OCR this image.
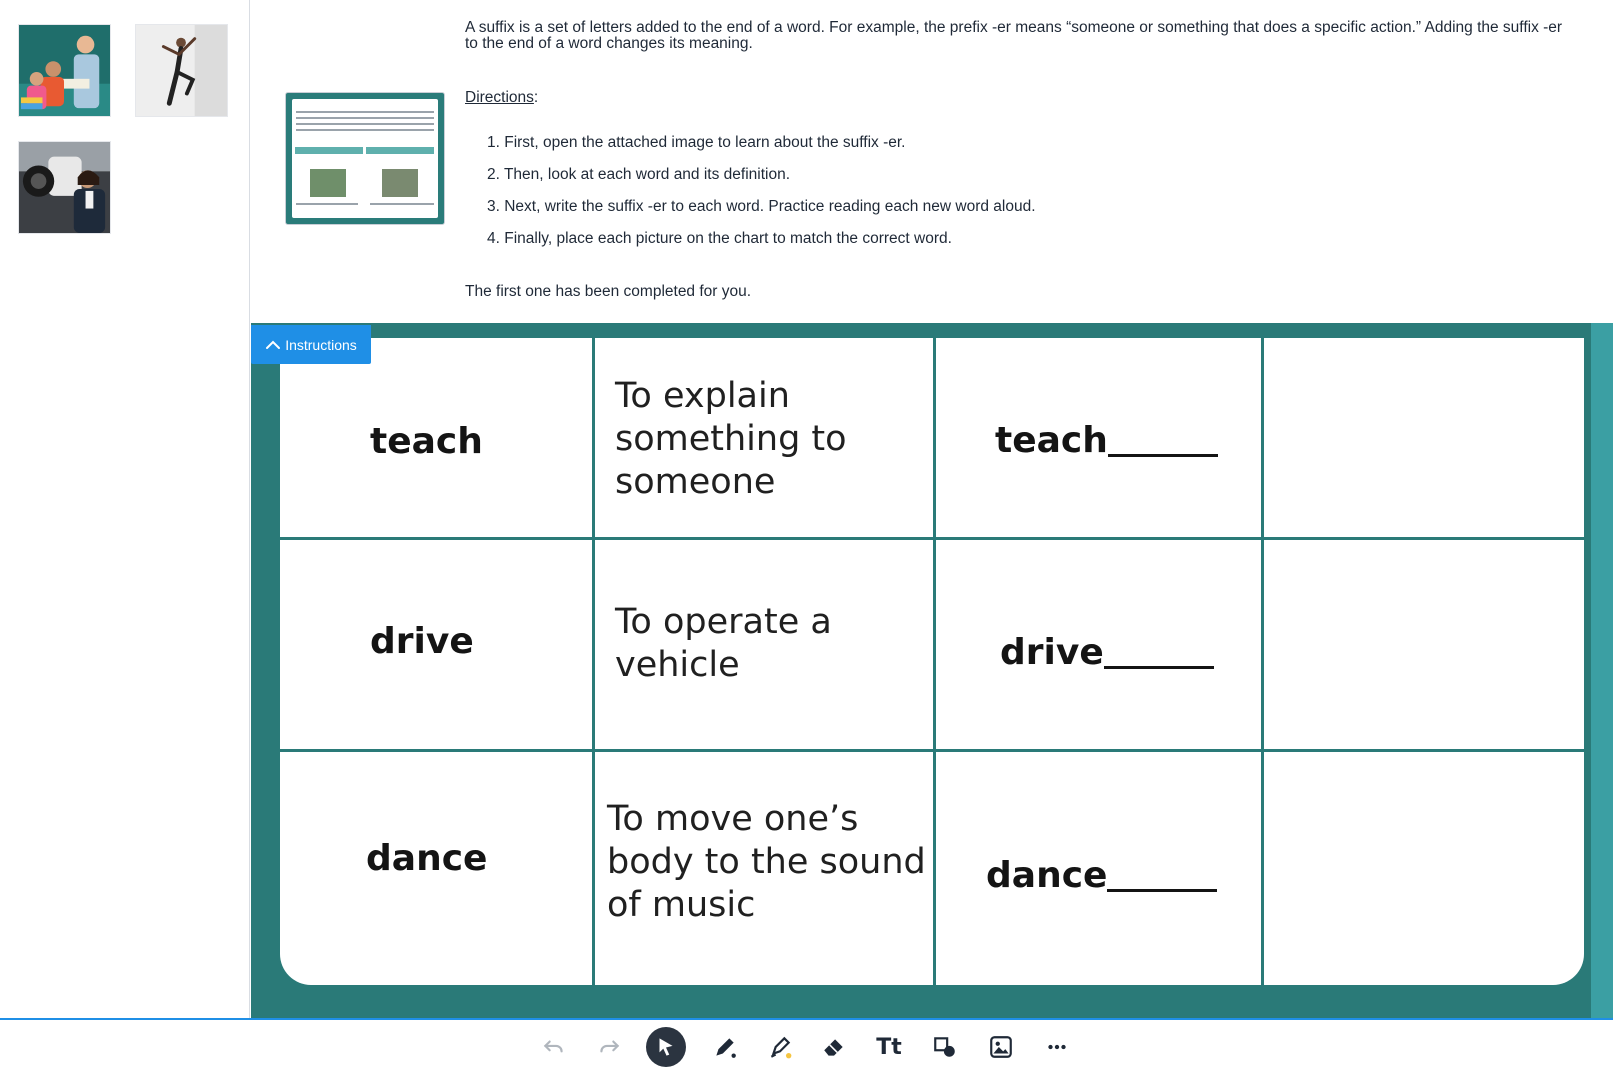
A suffix is a set of letters added to the end of a word. For example, the prefix -er means “someone or something that does a specific action.” Adding the suffix -er to the end of a word changes its meaning.
Directions:
1. First, open the attached image to learn about the suffix -er.
2. Then, look at each word and its definition.
3. Next, write the suffix -er to each word. Practice reading each new word aloud.
4. Finally, place each picture on the chart to match the correct word.
The first one has been completed for you.
teach
To explain
something to
someone
teach
drive	To operate a
vehicle	drive
dance
To move one’s
body to the sound
of music
dance
Instructions
Tt
